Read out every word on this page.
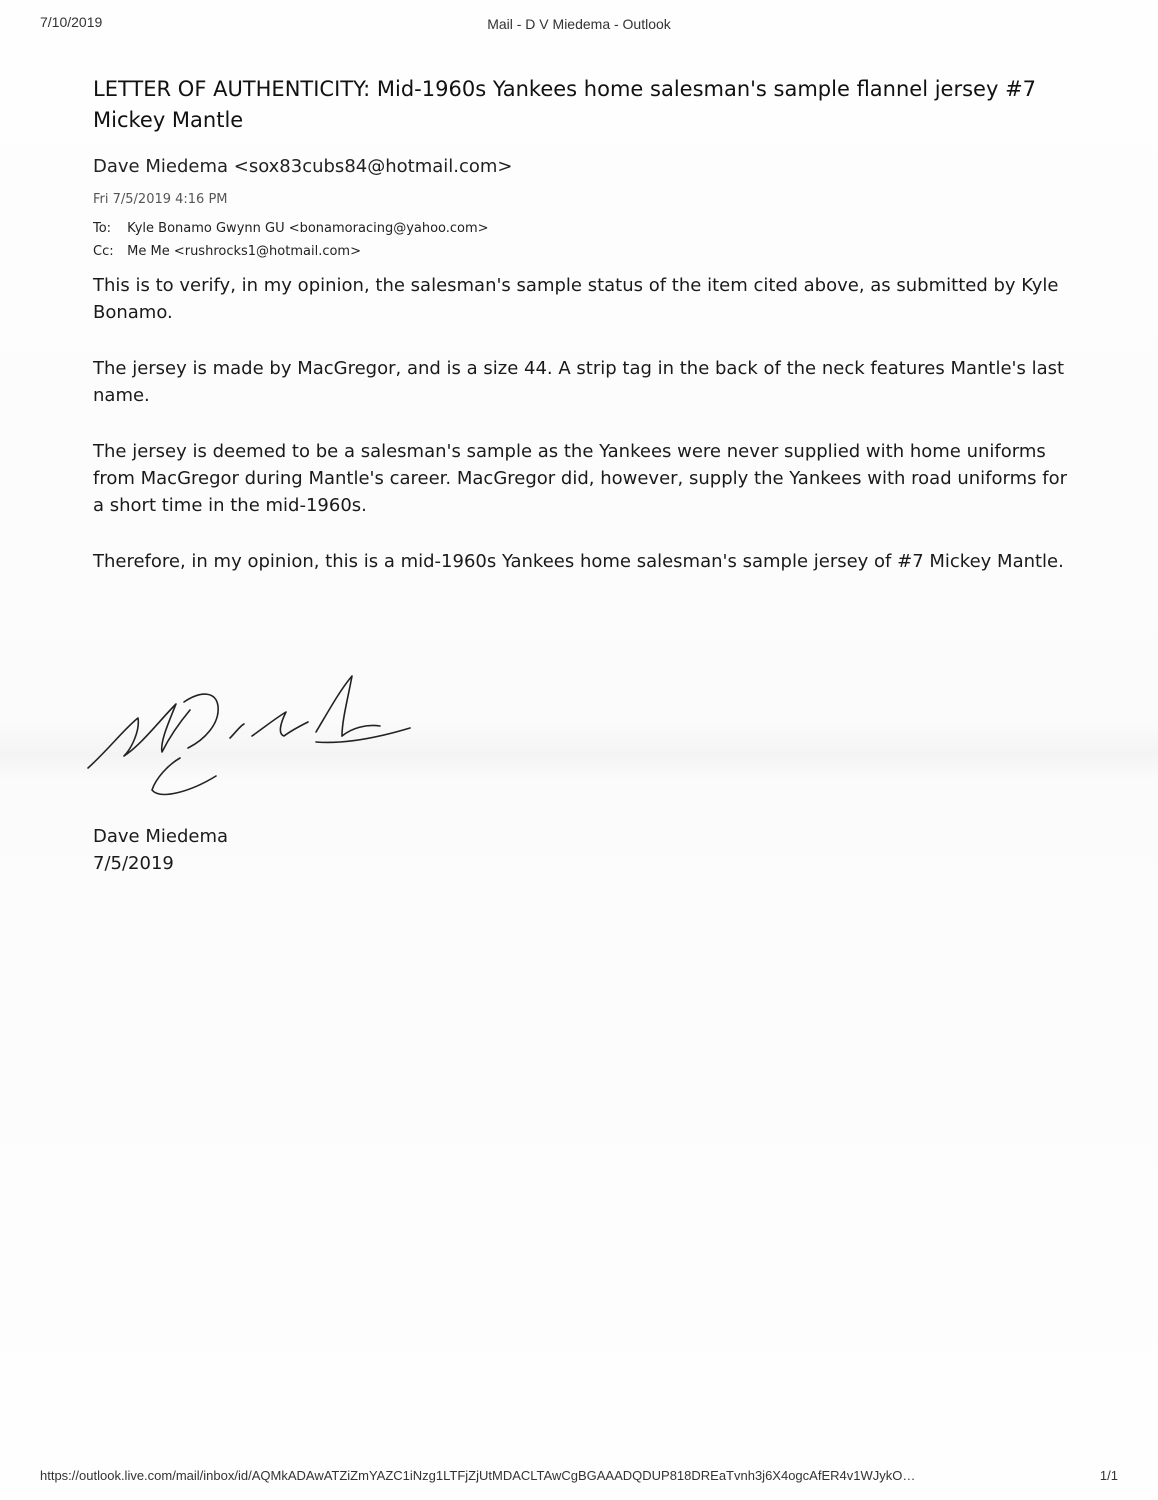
7/10/2019	Mail - D V Miedema - Outlook
LETTER OF AUTHENTICITY: Mid-1960s Yankees home salesman's sample flannel jersey #7 Mickey Mantle
Dave Miedema <sox83cubs84@hotmail.com>
Fri 7/5/2019 4:16 PM
To: Kyle Bonamo Gwynn GU <bonamoracing@yahoo.com>
Cc: Me Me <rushrocks1@hotmail.com>
This is to verify, in my opinion, the salesman's sample status of the item cited above, as submitted by Kyle Bonamo.
The jersey is made by MacGregor, and is a size 44. A strip tag in the back of the neck features Mantle's last name.
The jersey is deemed to be a salesman's sample as the Yankees were never supplied with home uniforms from MacGregor during Mantle's career. MacGregor did, however, supply the Yankees with road uniforms for a short time in the mid-1960s.
Therefore, in my opinion, this is a mid-1960s Yankees home salesman's sample jersey of #7 Mickey Mantle.
Dave Miedema
7/5/2019
https://outlook.live.com/mail/inbox/id/AQMkADAwATZiZmYAZC1iNzg1LTFjZjUtMDACLTAwCgBGAAADQDUP818DREaTvnh3j6X4ogcAfER4v1WJykO…	1/1
